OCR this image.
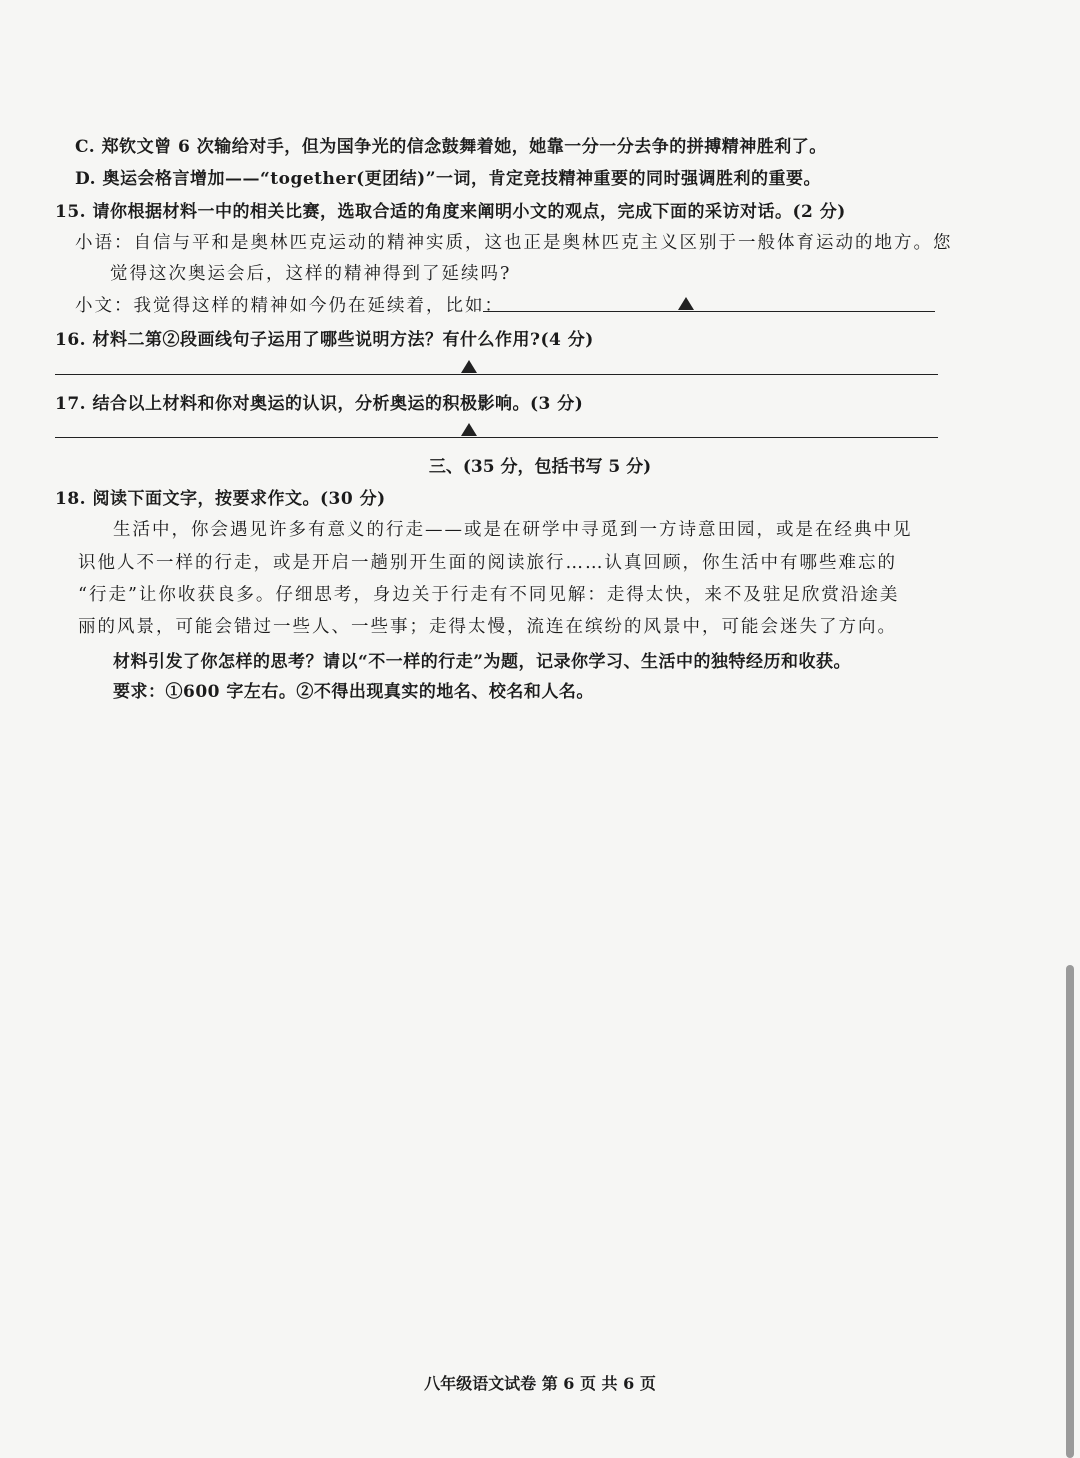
C. 郑钦文曾 6 次输给对手，但为国争光的信念鼓舞着她，她靠一分一分去争的拼搏精神胜利了。
D. 奥运会格言增加——“together(更团结)”一词，肯定竞技精神重要的同时强调胜利的重要。
15. 请你根据材料一中的相关比赛，选取合适的角度来阐明小文的观点，完成下面的采访对话。(2 分)
小语：自信与平和是奥林匹克运动的精神实质，这也正是奥林匹克主义区别于一般体育运动的地方。您
觉得这次奥运会后，这样的精神得到了延续吗?
小文：我觉得这样的精神如今仍在延续着，比如：
16. 材料二第②段画线句子运用了哪些说明方法？有什么作用?(4 分)
17. 结合以上材料和你对奥运的认识，分析奥运的积极影响。(3 分)
三、(35 分，包括书写 5 分)
18. 阅读下面文字，按要求作文。(30 分)
生活中，你会遇见许多有意义的行走——或是在研学中寻觅到一方诗意田园，或是在经典中见
识他人不一样的行走，或是开启一趟别开生面的阅读旅行……认真回顾，你生活中有哪些难忘的
“行走”让你收获良多。仔细思考，身边关于行走有不同见解：走得太快，来不及驻足欣赏沿途美
丽的风景，可能会错过一些人、一些事；走得太慢，流连在缤纷的风景中，可能会迷失了方向。
材料引发了你怎样的思考？请以“不一样的行走”为题，记录你学习、生活中的独特经历和收获。
要求：①600 字左右。②不得出现真实的地名、校名和人名。
八年级语文试卷 第 6 页 共 6 页
